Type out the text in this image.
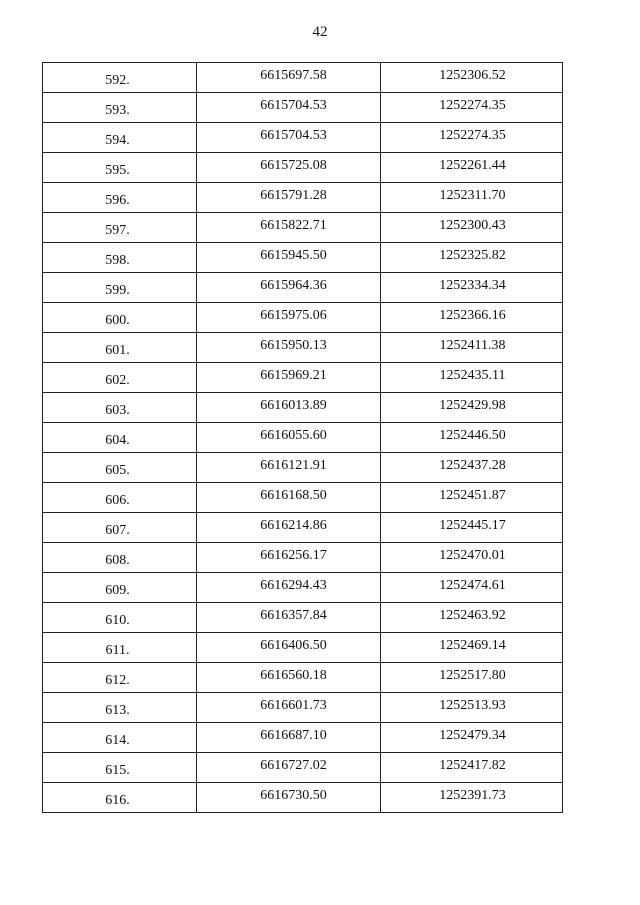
42
592.	6615697.58	1252306.52
593.	6615704.53	1252274.35
594.	6615704.53	1252274.35
595.	6615725.08	1252261.44
596.	6615791.28	1252311.70
597.	6615822.71	1252300.43
598.	6615945.50	1252325.82
599.	6615964.36	1252334.34
600.	6615975.06	1252366.16
601.	6615950.13	1252411.38
602.	6615969.21	1252435.11
603.	6616013.89	1252429.98
604.	6616055.60	1252446.50
605.	6616121.91	1252437.28
606.	6616168.50	1252451.87
607.	6616214.86	1252445.17
608.	6616256.17	1252470.01
609.	6616294.43	1252474.61
610.	6616357.84	1252463.92
611.	6616406.50	1252469.14
612.	6616560.18	1252517.80
613.	6616601.73	1252513.93
614.	6616687.10	1252479.34
615.	6616727.02	1252417.82
616.	6616730.50	1252391.73
